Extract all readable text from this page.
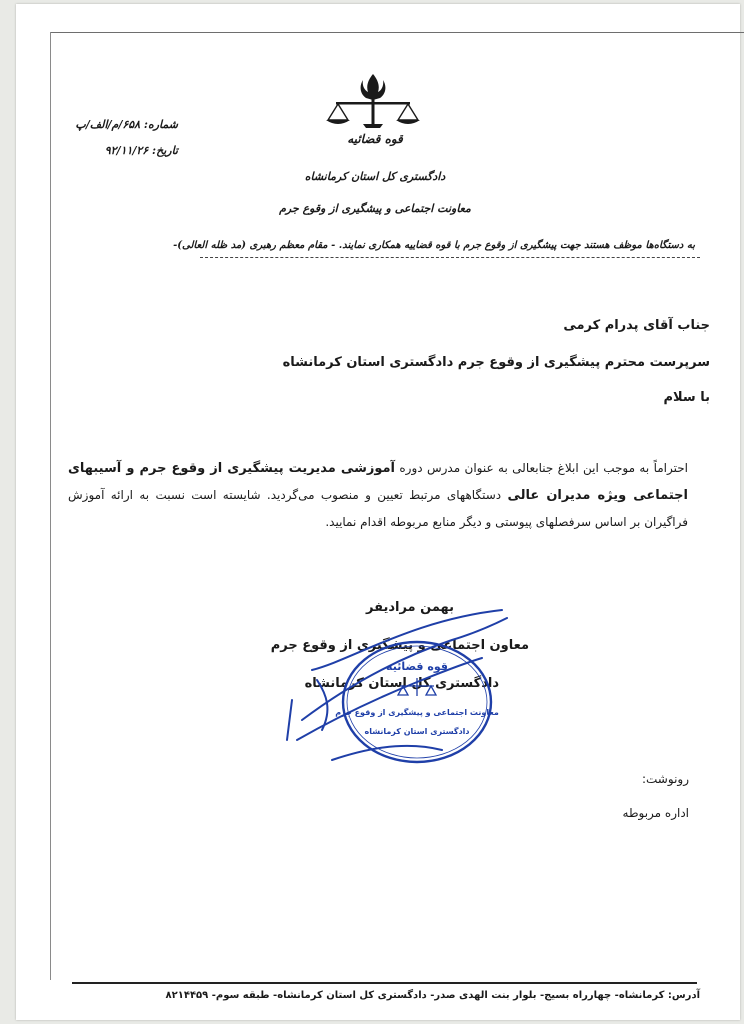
قوه قضائیه
دادگستری کل استان کرمانشاه
معاونت اجتماعی و پیشگیری از وقوع جرم
شماره: ۶۵۸/م/الف/پ
تاریخ: ۹۲/۱۱/۲۶
به دستگاه‌ها موظف هستند جهت پیشگیری از وقوع جرم با قوه قضاییه همکاری نمایند. - مقام معظم رهبری (مد ظله العالی)-
جناب آقای پدرام کرمی
سرپرست محترم پیشگیری از وقوع جرم دادگستری استان کرمانشاه
با سلام
احتراماً به موجب این ابلاغ جنابعالی به عنوان مدرس دوره آموزشی مدیریت پیشگیری از وقوع جرم و آسیبهای اجتماعی ویژه مدیران عالی دستگاههای مرتبط تعیین و منصوب می‌گردید. شایسته است نسبت به ارائه آموزش فراگیران بر اساس سرفصلهای پیوستی و دیگر منابع مربوطه اقدام نمایید.
بهمن مرادیفر
معاون اجتماعی و پیشگیری از وقوع جرم
دادگستری کل استان کرمانشاه
قوه قضائیه
معاونت اجتماعی و پیشگیری از وقوع جرم
دادگستری استان کرمانشاه
رونوشت:
اداره مربوطه
آدرس: کرمانشاه- چهارراه بسیج- بلوار بنت الهدی صدر- دادگستری کل استان کرمانشاه- طبقه سوم- ۸۲۱۴۴۵۹
